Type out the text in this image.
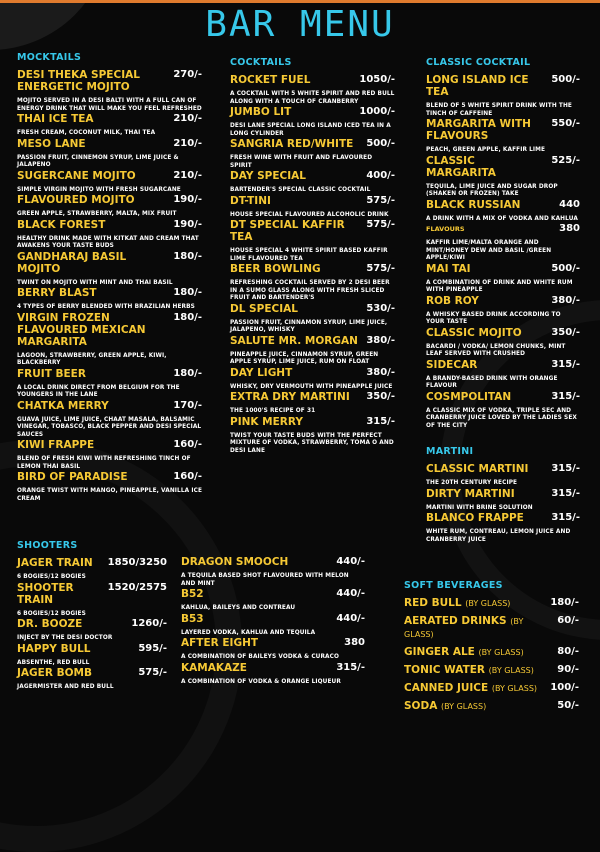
BAR MENU
MOCKTAILS
DESI THEKA SPECIAL ENERGETIC MOJITO
270/-
MOJITO SERVED IN A DESI BALTI WITH A FULL CAN OF ENERGY DRINK THAT WILL MAKE YOU FEEL REFRESHED
THAI ICE TEA	210/-
FRESH CREAM, COCONUT MILK, THAI TEA
MESO LANE	210/-
PASSION FRUIT, CINNEMON SYRUP, LIME JUICE & JALAPENO
SUGERCANE MOJITO	210/-
SIMPLE VIRGIN MOJITO WITH FRESH SUGARCANE
FLAVOURED MOJITO	190/-
GREEN APPLE, STRAWBERRY, MALTA, MIX FRUIT
BLACK FOREST	190/-
HEALTHY DRINK MADE WITH KITKAT AND CREAM THAT AWAKENS YOUR TASTE BUDS
GANDHARAJ BASIL MOJITO
180/-
TWINT ON MOJITO WITH MINT AND THAI BASIL
BERRY BLAST	180/-
4 TYPES OF BERRY BLENDED WITH BRAZILIAN HERBS
VIRGIN FROZEN FLAVOURED MEXICAN MARGARITA
180/-
LAGOON, STRAWBERRY, GREEN APPLE, KIWI, BLACKBERRY
FRUIT BEER	180/-
A LOCAL DRINK DIRECT FROM BELGIUM FOR THE YOUNGERS IN THE LANE
CHATKA MERRY	170/-
GUAVA JUICE, LIME JUICE, CHAAT MASALA, BALSAMIC VINEGAR, TOBASCO, BLACK PEPPER AND DESI SPECIAL SAUCES
KIWI FRAPPE	160/-
BLEND OF FRESH KIWI WITH REFRESHING TINCH OF LEMON THAI BASIL
BIRD OF PARADISE	160/-
ORANGE TWIST WITH MANGO, PINEAPPLE, VANILLA ICE CREAM
COCKTAILS
ROCKET FUEL	1050/-
A COCKTAIL WITH 5 WHITE SPIRIT AND RED BULL ALONG WITH A TOUCH OF CRANBERRY
JUMBO LIT	1000/-
DESI LANE SPECIAL LONG ISLAND ICED TEA IN A LONG CYLINDER
SANGRIA RED/WHITE	500/-
FRESH WINE WITH FRUIT AND FLAVOURED SPIRIT
DAY SPECIAL	400/-
BARTENDER'S SPECIAL CLASSIC COCKTAIL
DT-TINI	575/-
HOUSE SPECIAL FLAVOURED ALCOHOLIC DRINK
DT SPECIAL KAFFIR TEA
575/-
HOUSE SPECIAL 4 WHITE SPIRIT BASED KAFFIR LIME FLAVOURED TEA
BEER BOWLING	575/-
REFRESHING COCKTAIL SERVED BY 2 DESI BEER IN A SUMO GLASS ALONG WITH FRESH SLICED FRUIT AND BARTENDER'S
DL SPECIAL	530/-
PASSION FRUIT, CINNAMON SYRUP, LIME JUICE, JALAPENO, WHISKY
SALUTE MR. MORGAN 380/-
PINEAPPLE JUICE, CINNAMON SYRUP, GREEN APPLE SYRUP, LIME JUICE, RUM ON FLOAT
DAY LIGHT	380/-
WHISKY, DRY VERMOUTH WITH PINEAPPLE JUICE
EXTRA DRY MARTINI	350/-
THE 1000'S RECIPE OF 31
PINK MERRY	315/-
TWIST YOUR TASTE BUDS WITH THE PERFECT MIXTURE OF VODKA, STRAWBERRY, TOMA O AND DESI LANE
CLASSIC COCKTAIL
LONG ISLAND ICE TEA
500/-
BLEND OF 5 WHITE SPIRIT DRINK WITH THE TINCH OF CAFFEINE
MARGARITA WITH FLAVOURS
550/-
PEACH, GREEN APPLE, KAFFIR LIME
CLASSIC MARGARITA
525/-
TEQUILA, LIME JUICE AND SUGAR DROP (SHAKEN OR FROZEN) TAKE
BLACK RUSSIAN	440
A DRINK WITH A MIX OF VODKA AND KAHLUA
FLAVOURS	380
KAFFIR LIME/MALTA ORANGE AND MINT/HONEY DEW AND BASIL /GREEN APPLE/KIWI
MAI TAI	500/-
A COMBINATION OF DRINK AND WHITE RUM WITH PINEAPPLE
ROB ROY	380/-
A WHISKY BASED DRINK ACCORDING TO YOUR TASTE
CLASSIC MOJITO	350/-
BACARDI / VODKA/ LEMON CHUNKS, MINT LEAF SERVED WITH CRUSHED
SIDECAR	315/-
A BRANDY-BASED DRINK WITH ORANGE FLAVOUR
COSMPOLITAN	315/-
A CLASSIC MIX OF VODKA, TRIPLE SEC AND CRANBERRY JUICE LOVED BY THE LADIES SEX OF THE CITY
MARTINI
CLASSIC MARTINI	315/-
THE 20TH CENTURY RECIPE
DIRTY MARTINI	315/-
MARTINI WITH BRINE SOLUTION
BLANCO FRAPPE	315/-
WHITE RUM, CONTREAU, LEMON JUICE AND CRANBERRY JUICE
SHOOTERS
JAGER TRAIN	1850/3250
6 BOGIES/12 BOGIES
SHOOTER TRAIN
1520/2575
6 BOGIES/12 BOGIES
DR. BOOZE	1260/-
INJECT BY THE DESI DOCTOR
HAPPY BULL	595/-
ABSENTHE, RED BULL
JAGER BOMB	575/-
JAGERMISTER AND RED BULL
DRAGON SMOOCH	440/-
A TEQUILA BASED SHOT FLAVOURED WITH MELON AND MINT
B52	440/-
KAHLUA, BAILEYS AND CONTREAU
B53	440/-
LAYERED VODKA, KAHLUA AND TEQUILA
AFTER EIGHT	380
A COMBINATION OF BAILEYS VODKA & CURACO
KAMAKAZE	315/-
A COMBINATION OF VODKA & ORANGE LIQUEUR
SOFT BEVERAGES
RED BULL (BY GLASS)	180/-
AERATED DRINKS (BY GLASS)
60/-
GINGER ALE (BY GLASS)	80/-
TONIC WATER (BY GLASS)	90/-
CANNED JUICE (BY GLASS)	100/-
SODA (BY GLASS)	50/-
